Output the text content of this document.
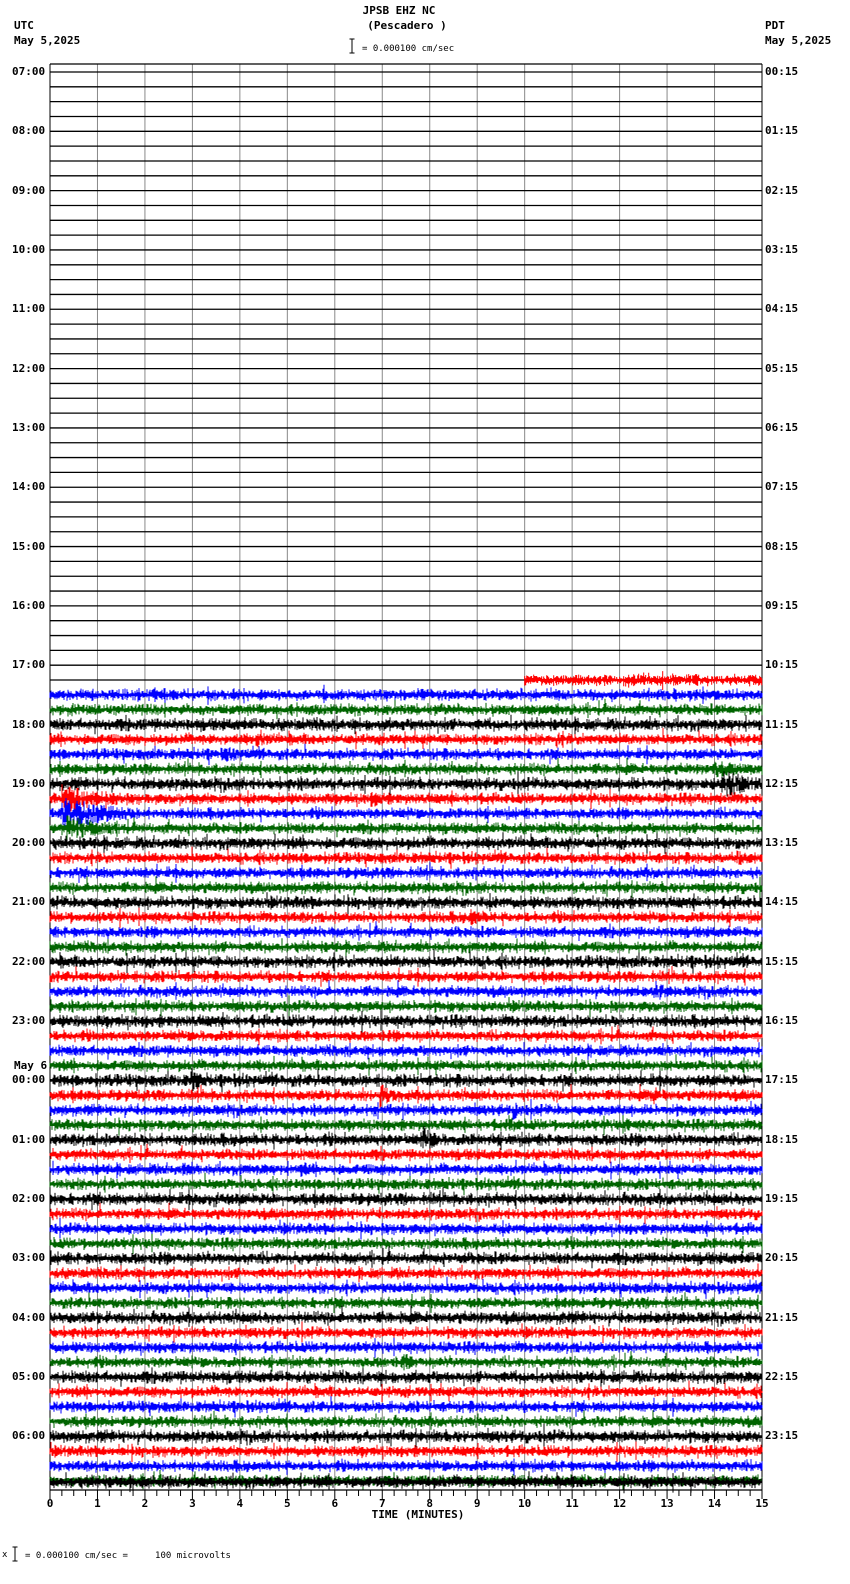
JPSB EHZ NC
(Pescadero )
UTC
May 5,2025
PDT
May 5,2025
= 0.000100 cm/sec
07:00
08:00
09:00
10:00
11:00
12:00
13:00
14:00
15:00
16:00
17:00
18:00
19:00
20:00
21:00
22:00
23:00
00:00
May 6
01:00
02:00
03:00
04:00
05:00
06:00
00:15
01:15
02:15
03:15
04:15
05:15
06:15
07:15
08:15
09:15
10:15
11:15
12:15
13:15
14:15
15:15
16:15
17:15
18:15
19:15
20:15
21:15
22:15
23:15
0	1	2	3	4	5	6	7	8	9	10	11	12	13	14	15
TIME (MINUTES)
х = 0.000100 cm/sec =     100 microvolts
